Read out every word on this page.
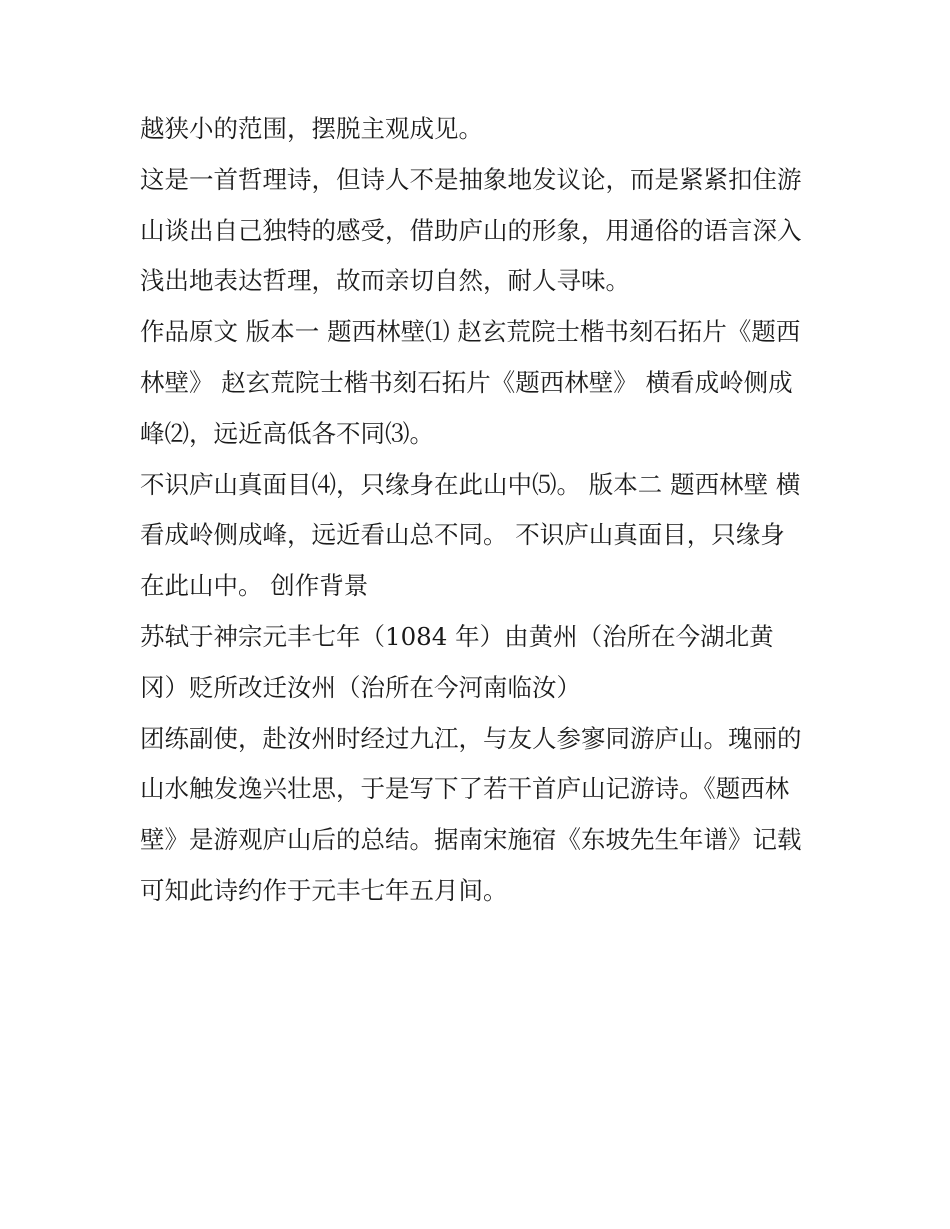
越狭小的范围，摆脱主观成见。

这是一首哲理诗，但诗人不是抽象地发议论，而是紧紧扣住游
山谈出自己独特的感受，借助庐山的形象，用通俗的语言深入
浅出地表达哲理，故而亲切自然，耐人寻味。

作品原文 版本一 题西林壁⑴ 赵玄荒院士楷书刻石拓片《题西
林壁》 赵玄荒院士楷书刻石拓片《题西林壁》 横看成岭侧成
峰⑵，远近高低各不同⑶。

不识庐山真面目⑷，只缘身在此山中⑸。 版本二 题西林壁 横
看成岭侧成峰，远近看山总不同。 不识庐山真面目，只缘身
在此山中。 创作背景

苏轼于神宗元丰七年（1084 年）由黄州（治所在今湖北黄
冈）贬所改迁汝州（治所在今河南临汝）

团练副使，赴汝州时经过九江，与友人参寥同游庐山。瑰丽的
山水触发逸兴壮思，于是写下了若干首庐山记游诗。《题西林
壁》是游观庐山后的总结。据南宋施宿《东坡先生年谱》记载
可知此诗约作于元丰七年五月间。
